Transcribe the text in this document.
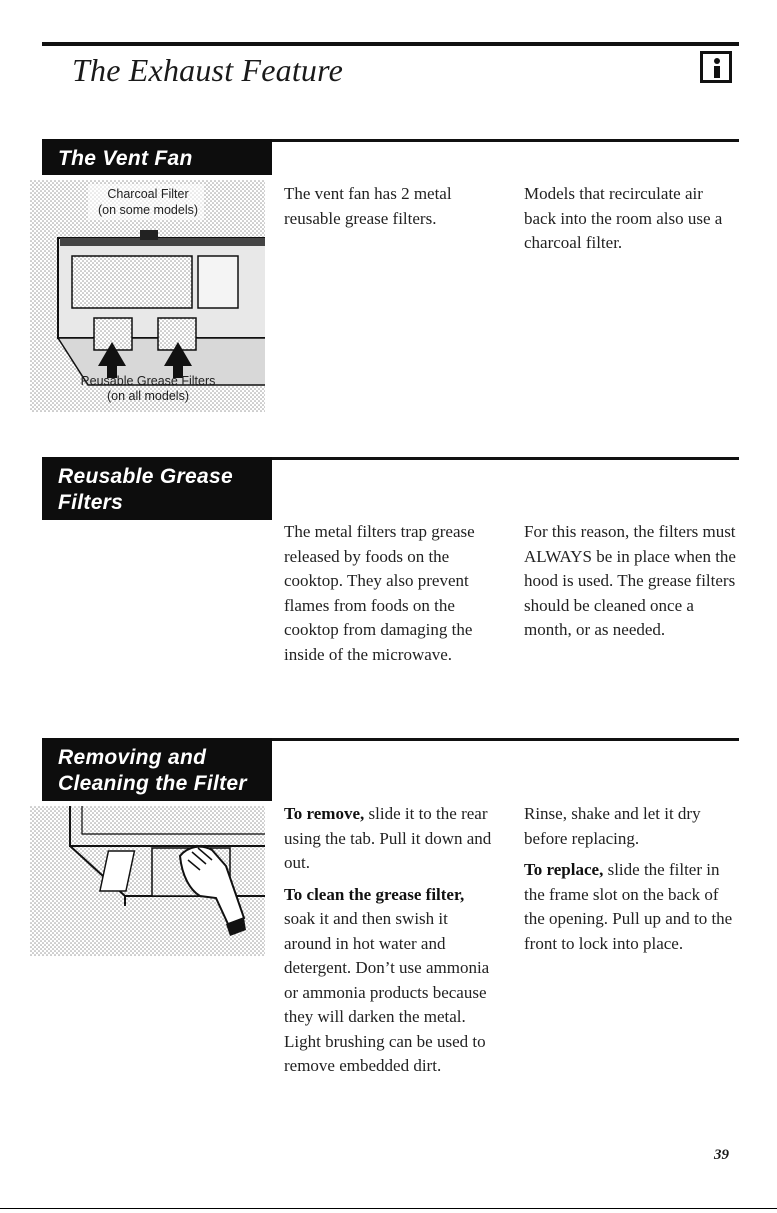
The Exhaust Feature
The Vent Fan
Charcoal Filter
(on some models)
Reusable Grease Filters
(on all models)

The vent fan has 2 metal reusable grease filters.

Models that recirculate air back into the room also use a charcoal filter.

Reusable Grease
Filters

The metal filters trap grease released by foods on the cooktop. They also prevent flames from foods on the cooktop from damaging the inside of the microwave.

For this reason, the filters must ALWAYS be in place when the hood is used. The grease filters should be cleaned once a month, or as needed.

Removing and
Cleaning the Filter

To remove, slide it to the rear using the tab. Pull it down and out.

To clean the grease filter, soak it and then swish it around in hot water and detergent. Don’t use ammonia or ammonia products because they will darken the metal. Light brushing can be used to remove embedded dirt.

Rinse, shake and let it dry before replacing.

To replace, slide the filter in the frame slot on the back of the opening. Pull up and to the front to lock into place.

39
